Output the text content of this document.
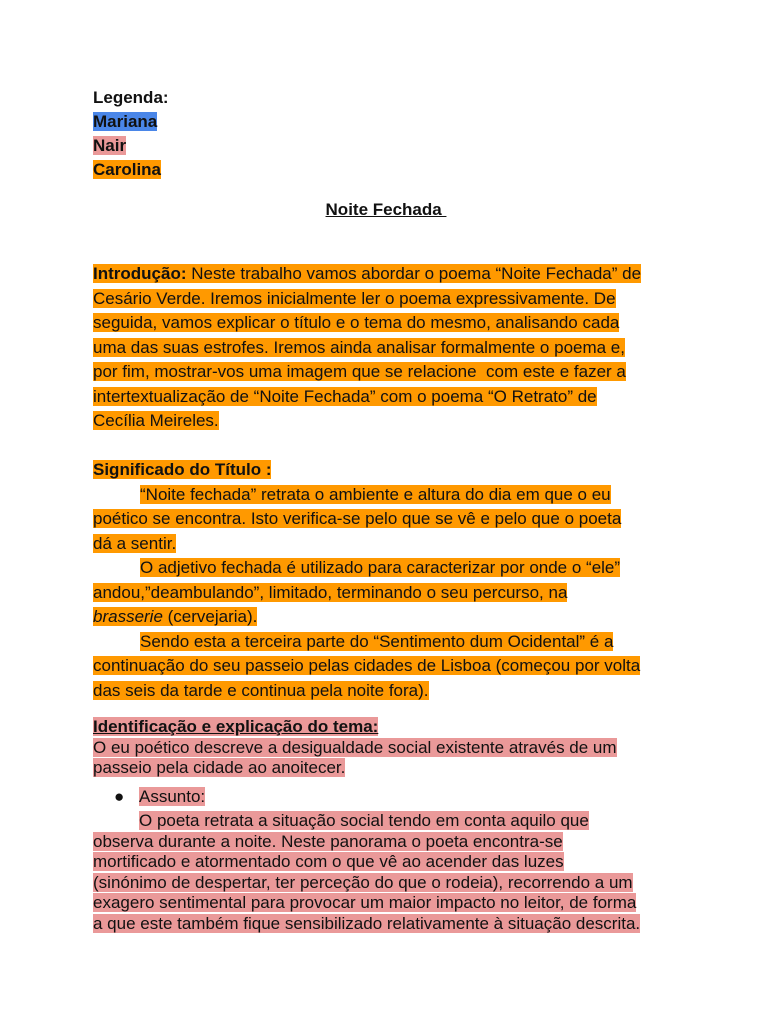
Legenda:
Mariana
Nair
Carolina
Noite Fechada
Introdução: Neste trabalho vamos abordar o poema “Noite Fechada” de
Cesário Verde. Iremos inicialmente ler o poema expressivamente. De
seguida, vamos explicar o título e o tema do mesmo, analisando cada
uma das suas estrofes. Iremos ainda analisar formalmente o poema e,
por fim, mostrar-vos uma imagem que se relacione  com este e fazer a
intertextualização de “Noite Fechada” com o poema “O Retrato” de
Cecília Meireles.
Significado do Título :
“Noite fechada” retrata o ambiente e altura do dia em que o eu
poético se encontra. Isto verifica-se pelo que se vê e pelo que o poeta
dá a sentir.
O adjetivo fechada é utilizado para caracterizar por onde o “ele”
andou,”deambulando”, limitado, terminando o seu percurso, na
brasserie (cervejaria).
Sendo esta a terceira parte do “Sentimento dum Ocidental” é a
continuação do seu passeio pelas cidades de Lisboa (começou por volta
das seis da tarde e continua pela noite fora).
Identificação e explicação do tema:
O eu poético descreve a desigualdade social existente através de um
passeio pela cidade ao anoitecer.
● Assunto:
O poeta retrata a situação social tendo em conta aquilo que
observa durante a noite. Neste panorama o poeta encontra-se
mortificado e atormentado com o que vê ao acender das luzes
(sinónimo de despertar, ter perceção do que o rodeia), recorrendo a um
exagero sentimental para provocar um maior impacto no leitor, de forma
a que este também fique sensibilizado relativamente à situação descrita.
